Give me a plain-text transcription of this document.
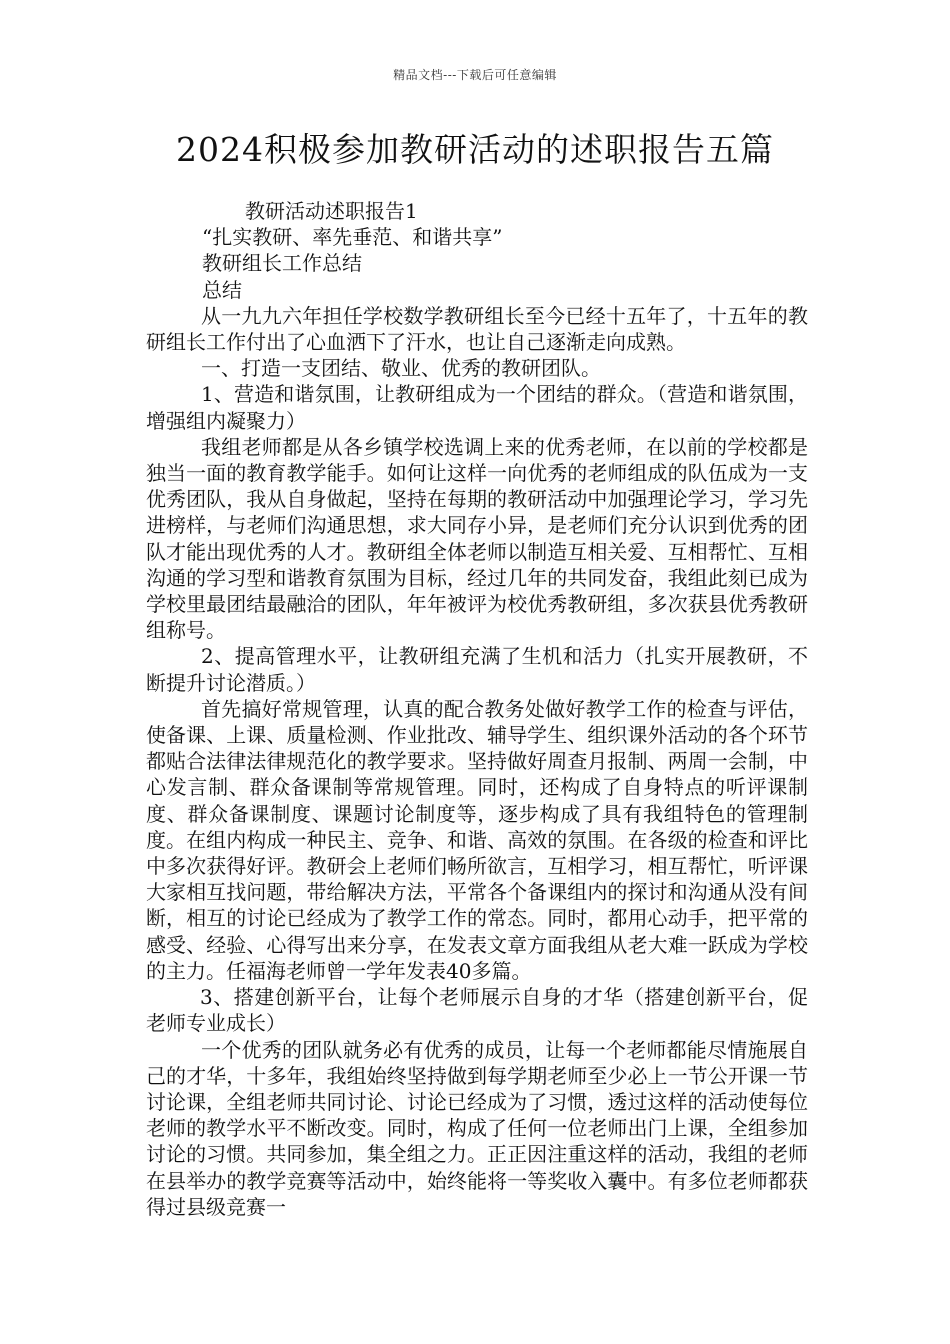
精品文档---下载后可任意编辑
2024积极参加教研活动的述职报告五篇

教研活动述职报告1

“扎实教研、率先垂范、和谐共享”

教研组长工作总结

总结

从一九九六年担任学校数学教研组长至今已经十五年了，十五年的教研组长工作付出了心血洒下了汗水，也让自己逐渐走向成熟。

一、打造一支团结、敬业、优秀的教研团队。

1、营造和谐氛围，让教研组成为一个团结的群众。（营造和谐氛围，增强组内凝聚力）

我组老师都是从各乡镇学校选调上来的优秀老师，在以前的学校都是独当一面的教育教学能手。如何让这样一向优秀的老师组成的队伍成为一支优秀团队，我从自身做起，坚持在每期的教研活动中加强理论学习，学习先进榜样，与老师们沟通思想，求大同存小异，是老师们充分认识到优秀的团队才能出现优秀的人才。教研组全体老师以制造互相关爱、互相帮忙、互相沟通的学习型和谐教育氛围为目标，经过几年的共同发奋，我组此刻已成为学校里最团结最融洽的团队，年年被评为校优秀教研组，多次获县优秀教研组称号。

2、提高管理水平，让教研组充满了生机和活力（扎实开展教研，不断提升讨论潜质。）

首先搞好常规管理，认真的配合教务处做好教学工作的检查与评估，使备课、上课、质量检测、作业批改、辅导学生、组织课外活动的各个环节都贴合法律法律规范化的教学要求。坚持做好周查月报制、两周一会制，中心发言制、群众备课制等常规管理。同时，还构成了自身特点的听评课制度、群众备课制度、课题讨论制度等，逐步构成了具有我组特色的管理制度。在组内构成一种民主、竞争、和谐、高效的氛围。在各级的检查和评比中多次获得好评。教研会上老师们畅所欲言，互相学习，相互帮忙，听评课大家相互找问题，带给解决方法，平常各个备课组内的探讨和沟通从没有间断，相互的讨论已经成为了教学工作的常态。同时，都用心动手，把平常的感受、经验、心得写出来分享，在发表文章方面我组从老大难一跃成为学校的主力。任福海老师曾一学年发表40多篇。

3、搭建创新平台，让每个老师展示自身的才华（搭建创新平台，促老师专业成长）

一个优秀的团队就务必有优秀的成员，让每一个老师都能尽情施展自己的才华，十多年，我组始终坚持做到每学期老师至少必上一节公开课一节讨论课，全组老师共同讨论、讨论已经成为了习惯，透过这样的活动使每位老师的教学水平不断改变。同时，构成了任何一位老师出门上课，全组参加讨论的习惯。共同参加，集全组之力。正正因注重这样的活动，我组的老师在县举办的教学竞赛等活动中，始终能将一等奖收入囊中。有多位老师都获得过县级竞赛一
